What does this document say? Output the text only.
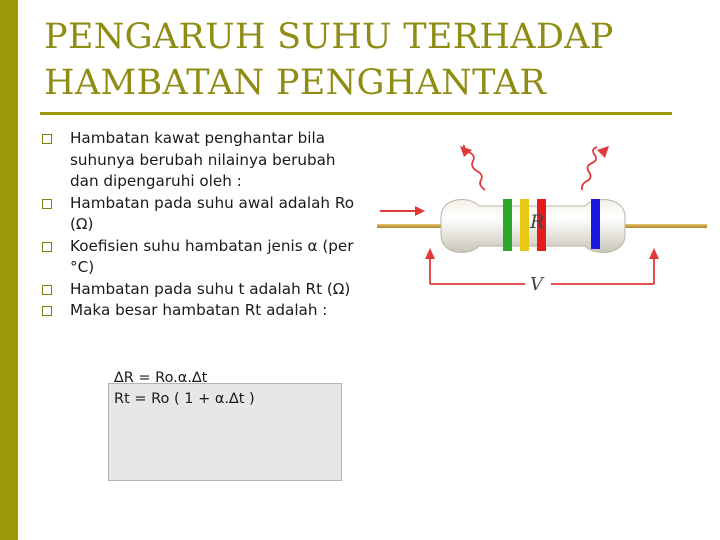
PENGARUH SUHU TERHADAP
HAMBATAN PENGHANTAR
Hambatan kawat penghantar bila suhunya berubah nilainya berubah dan dipengaruhi oleh :
Hambatan pada suhu awal adalah Ro (Ω)
Koefisien suhu hambatan jenis α (per °C)
Hambatan pada suhu t adalah Rt (Ω)
Maka besar hambatan Rt adalah :
∆R = Ro.α.∆t
Rt = Ro ( 1 + α.∆t )
R
V
